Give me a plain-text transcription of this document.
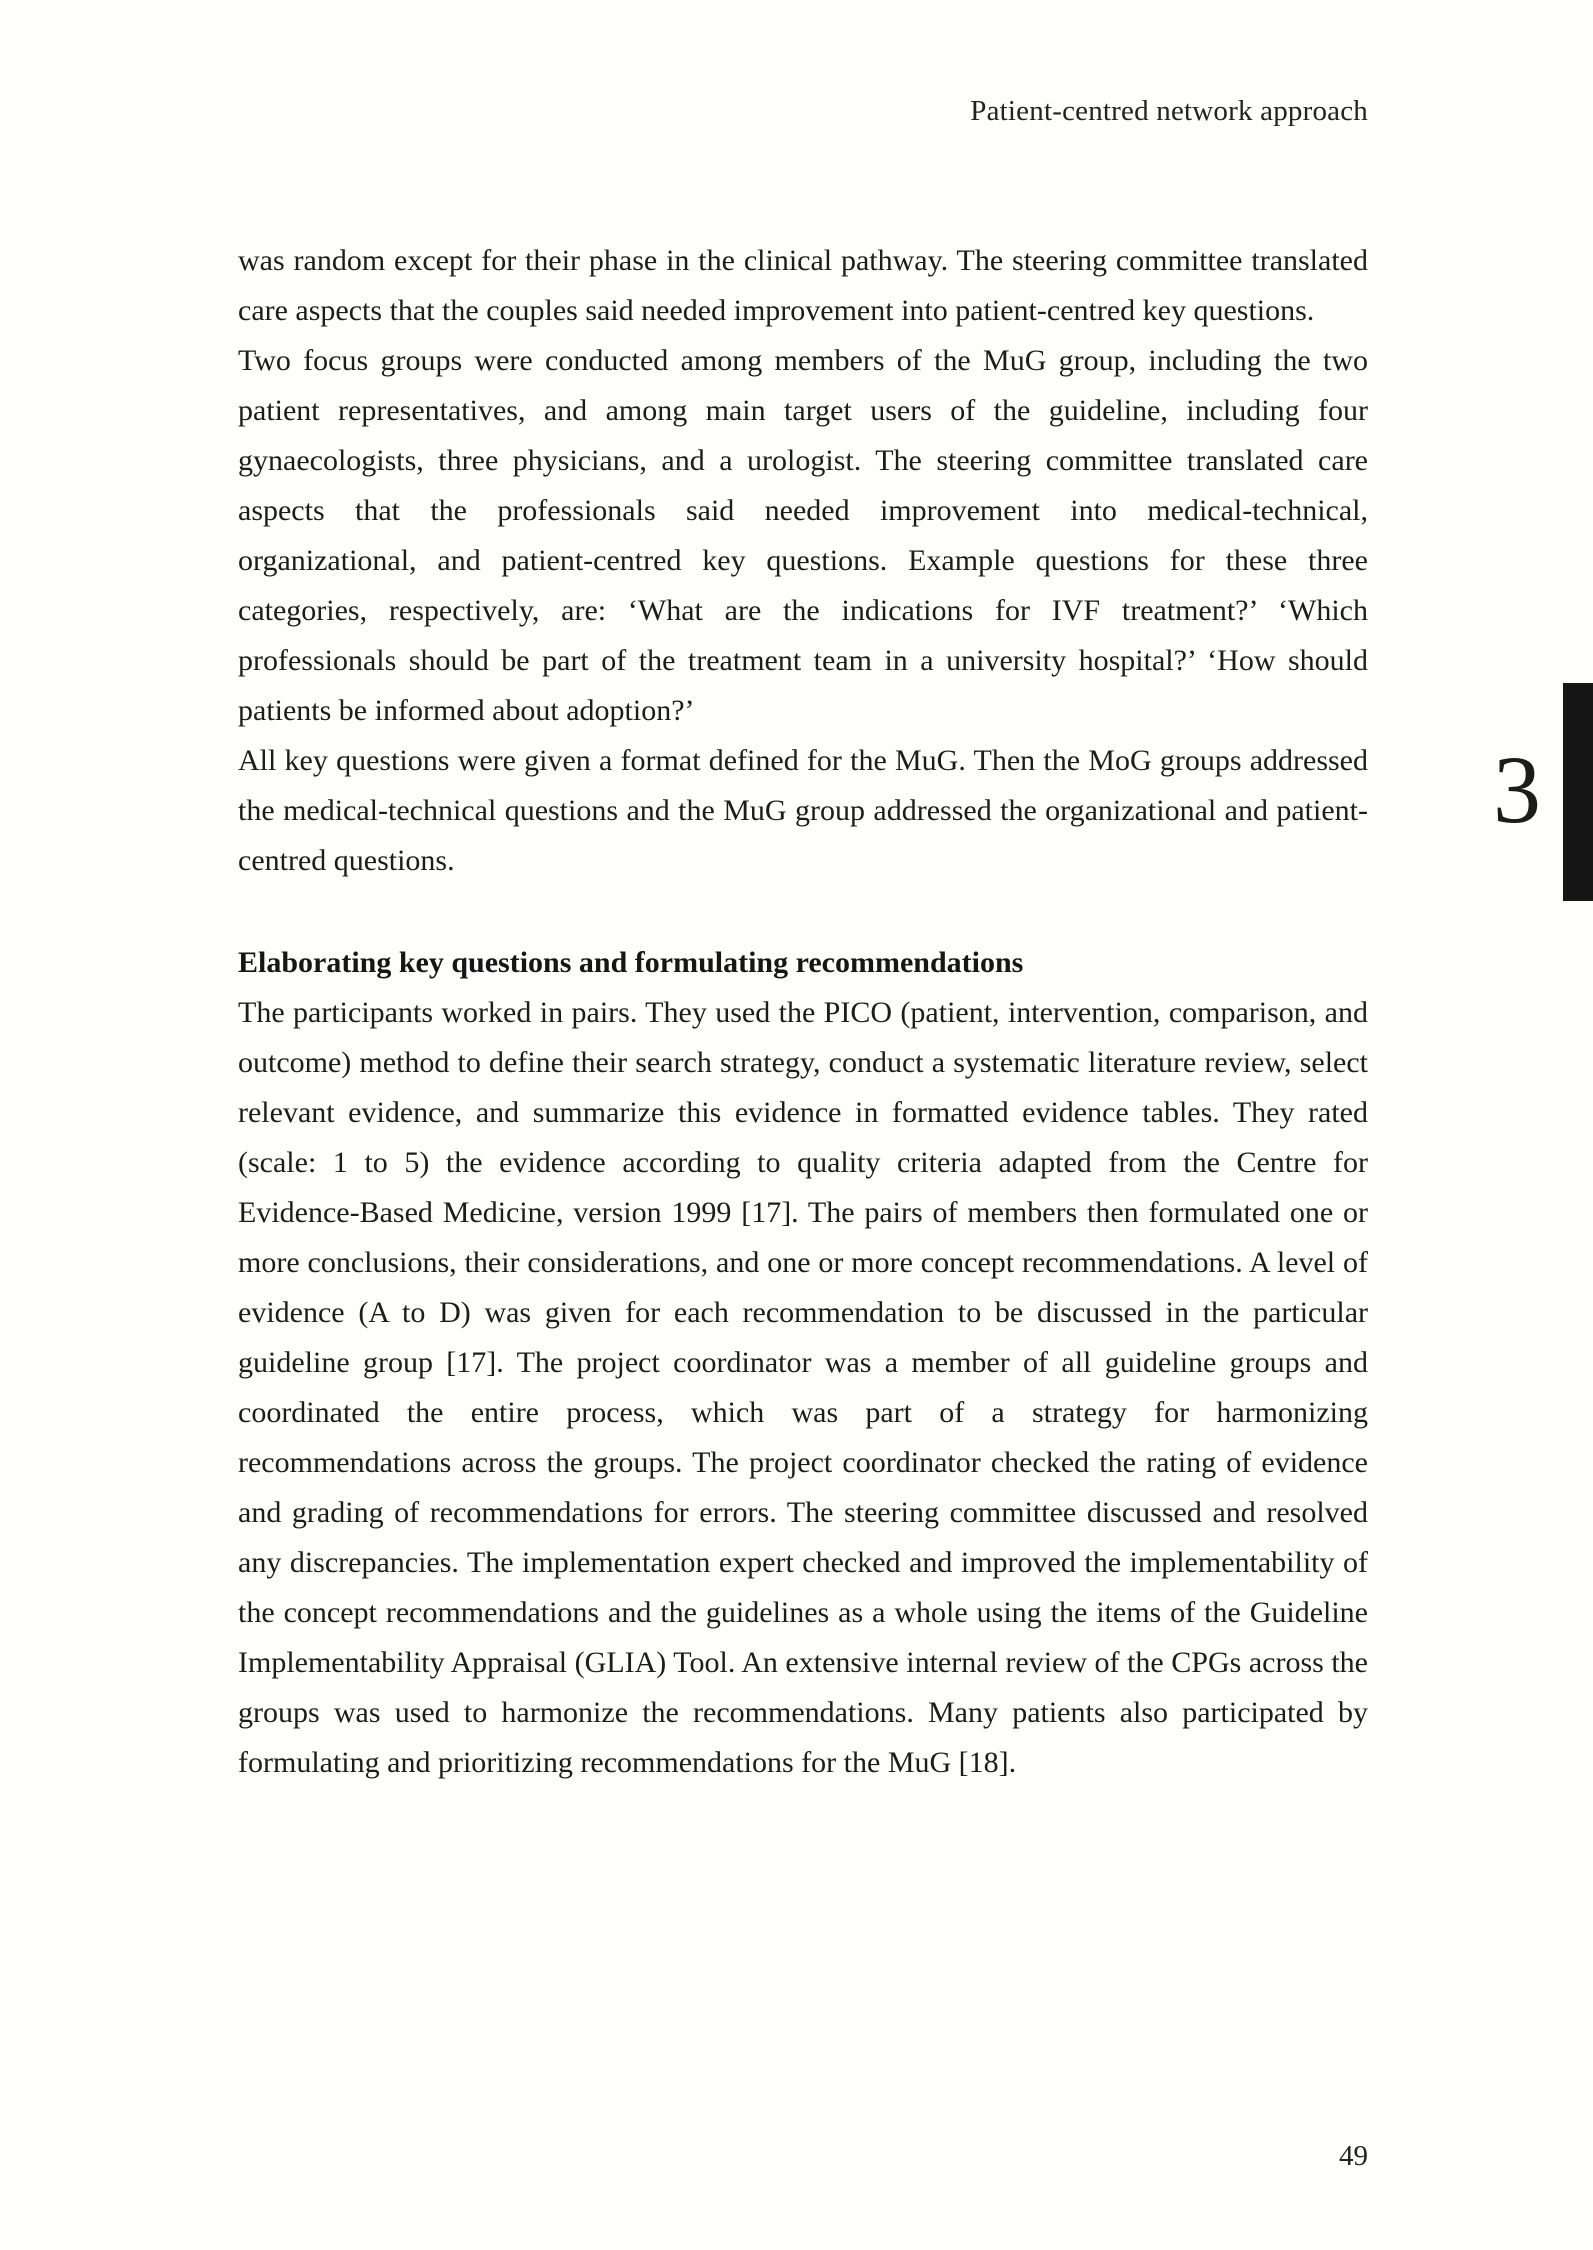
Patient-centred network approach
3

was random except for their phase in the clinical pathway. The steering committee translated care aspects that the couples said needed improvement into patient-centred key questions.

Two focus groups were conducted among members of the MuG group, including the two patient representatives, and among main target users of the guideline, including four gynaecologists, three physicians, and a urologist. The steering committee translated care aspects that the professionals said needed improvement into medical-technical, organizational, and patient-centred key questions. Example questions for these three categories, respectively, are: ‘What are the indications for IVF treatment?’ ‘Which professionals should be part of the treatment team in a university hospital?’ ‘How should patients be informed about adoption?’

All key questions were given a format defined for the MuG. Then the MoG groups addressed the medical-technical questions and the MuG group addressed the organizational and patient-centred questions.

Elaborating key questions and formulating recommendations

The participants worked in pairs. They used the PICO (patient, intervention, comparison, and outcome) method to define their search strategy, conduct a systematic literature review, select relevant evidence, and summarize this evidence in formatted evidence tables. They rated (scale: 1 to 5) the evidence according to quality criteria adapted from the Centre for Evidence-Based Medicine, version 1999 [17]. The pairs of members then formulated one or more conclusions, their considerations, and one or more concept recommendations. A level of evidence (A to D) was given for each recommendation to be discussed in the particular guideline group [17]. The project coordinator was a member of all guideline groups and coordinated the entire process, which was part of a strategy for harmonizing recommendations across the groups. The project coordinator checked the rating of evidence and grading of recommendations for errors. The steering committee discussed and resolved any discrepancies. The implementation expert checked and improved the implementability of the concept recommendations and the guidelines as a whole using the items of the Guideline Implementability Appraisal (GLIA) Tool. An extensive internal review of the CPGs across the groups was used to harmonize the recommendations. Many patients also participated by formulating and prioritizing recommendations for the MuG [18].

49
